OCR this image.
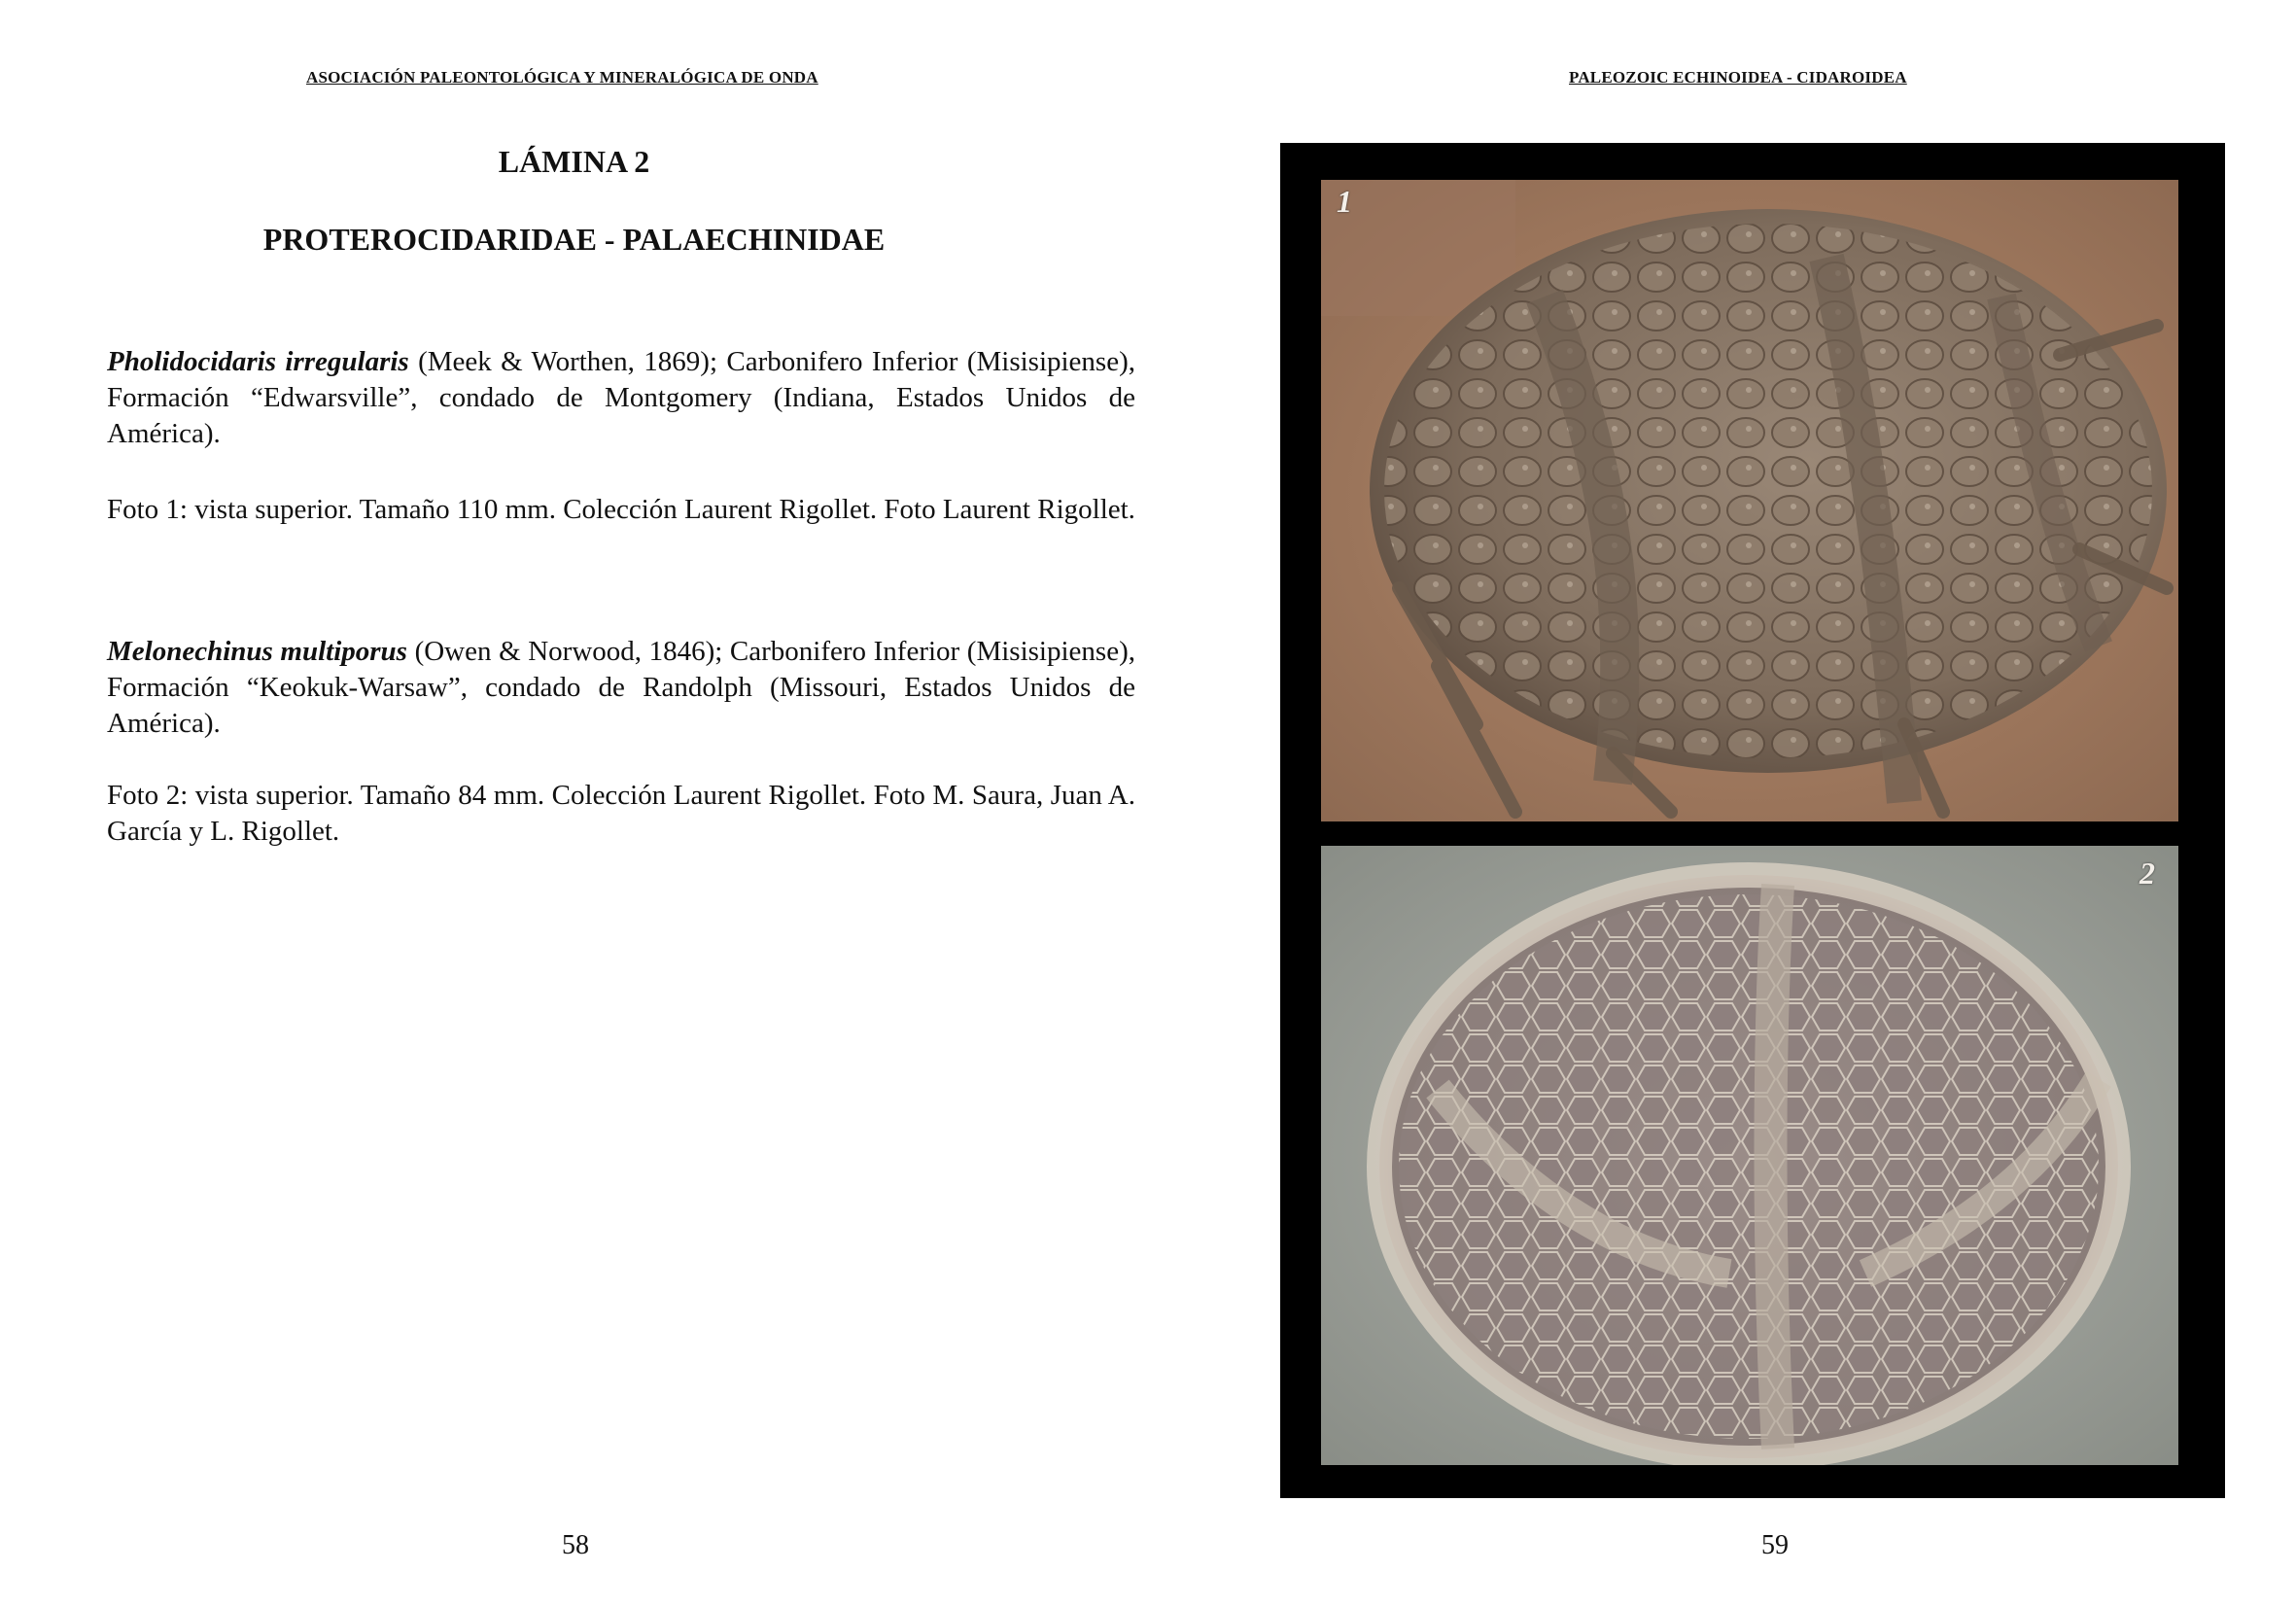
ASOCIACIÓN PALEONTOLÓGICA Y MINERALÓGICA DE ONDA
LÁMINA 2
PROTEROCIDARIDAE - PALAECHINIDAE

Pholidocidaris irregularis (Meek & Worthen, 1869); Carbonifero Inferior (Misisipiense), Formación “Edwarsville”, condado de Montgomery (Indiana, Estados Unidos de América).

Foto 1: vista superior. Tamaño 110 mm. Colección Laurent Rigollet. Foto Laurent Rigollet.

Melonechinus multiporus (Owen & Norwood, 1846); Carbonifero Inferior (Misisipiense), Formación “Keokuk-Warsaw”, condado de Randolph (Missouri, Estados Unidos de América).

Foto 2: vista superior. Tamaño 84 mm. Colección Laurent Rigollet. Foto M. Saura, Juan A. García y L. Rigollet.

58
PALEOZOIC ECHINOIDEA - CIDAROIDEA
1
2
59
